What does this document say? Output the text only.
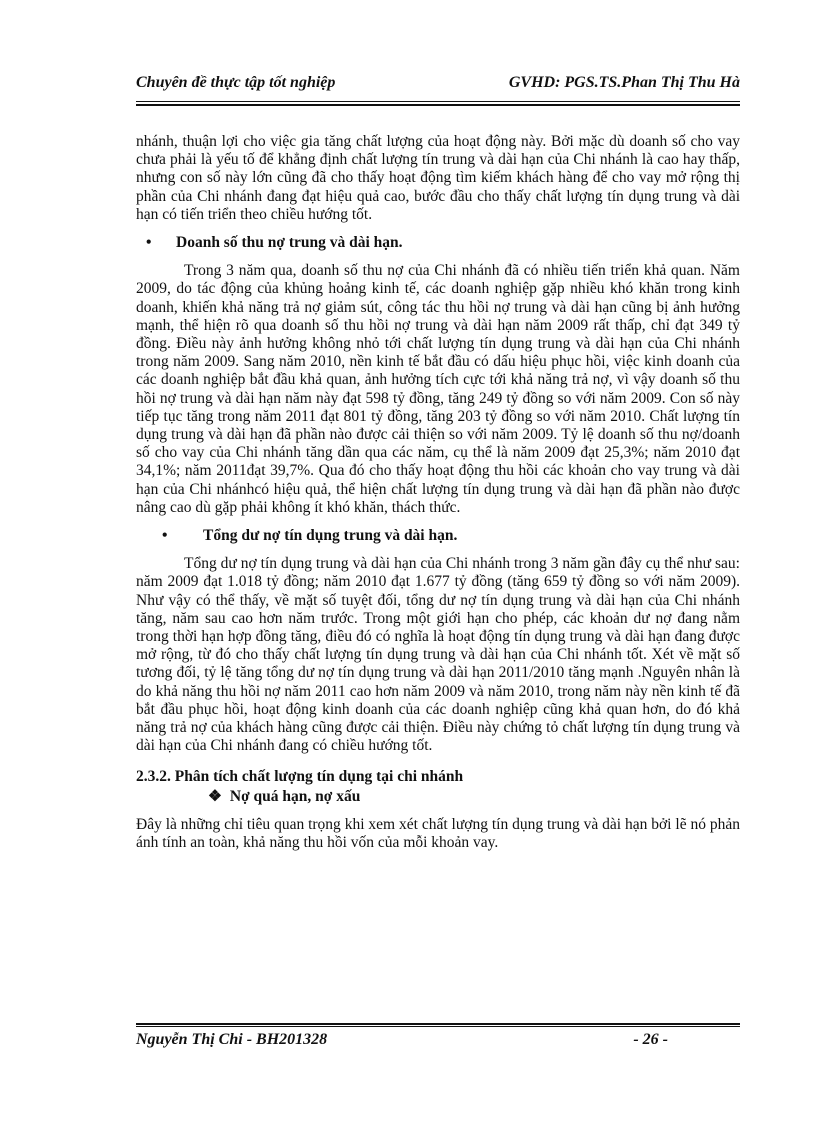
Chuyên đề thực tập tốt nghiệp	GVHD: PGS.TS.Phan Thị Thu Hà

nhánh, thuận lợi cho việc gia tăng chất lượng của hoạt động này. Bởi mặc dù doanh số cho vay chưa phải là yếu tố để khẳng định chất lượng tín trung và dài hạn của Chi nhánh là cao hay thấp, nhưng con số này lớn cũng đã cho thấy hoạt động tìm kiếm khách hàng để cho vay mở rộng thị phần của Chi nhánh đang đạt hiệu quả cao, bước đầu cho thấy chất lượng tín dụng trung và dài hạn có tiến triển theo chiều hướng tốt.

• Doanh số thu nợ trung và dài hạn.

Trong 3 năm qua, doanh số thu nợ của Chi nhánh đã có nhiều tiến triển khả quan. Năm 2009, do tác động của khủng hoảng kinh tế, các doanh nghiệp gặp nhiều khó khăn trong kinh doanh, khiến khả năng trả nợ giảm sút, công tác thu hồi nợ trung và dài hạn cũng bị ảnh hưởng mạnh, thể hiện rõ qua doanh số thu hồi nợ trung và dài hạn năm 2009 rất thấp, chỉ đạt 349 tỷ đồng. Điều này ảnh hưởng không nhỏ tới chất lượng tín dụng trung và dài hạn của Chi nhánh trong năm 2009. Sang năm 2010, nền kinh tế bắt đầu có dấu hiệu phục hồi, việc kinh doanh của các doanh nghiệp bắt đầu khả quan, ảnh hưởng tích cực tới khả năng trả nợ, vì vậy doanh số thu hồi nợ trung và dài hạn năm này đạt 598 tỷ đồng, tăng 249 tỷ đồng so với năm 2009. Con số này tiếp tục tăng trong năm 2011 đạt 801 tỷ đồng, tăng 203 tỷ đồng so với năm 2010. Chất lượng tín dụng trung và dài hạn đã phần nào được cải thiện so với năm 2009. Tỷ lệ doanh số thu nợ/doanh số cho vay của Chi nhánh tăng dần qua các năm, cụ thể là năm 2009 đạt 25,3%; năm 2010 đạt 34,1%; năm 2011đạt 39,7%. Qua đó cho thấy hoạt động thu hồi các khoản cho vay trung và dài hạn của Chi nhánhcó hiệu quả, thể hiện chất lượng tín dụng trung và dài hạn đã phần nào được nâng cao dù gặp phải không ít khó khăn, thách thức.

• Tổng dư nợ tín dụng trung và dài hạn.

Tổng dư nợ tín dụng trung và dài hạn của Chi nhánh trong 3 năm gần đây cụ thể như sau: năm 2009 đạt 1.018 tỷ đồng; năm 2010 đạt 1.677 tỷ đồng (tăng 659 tỷ đồng so với năm 2009). Như vậy có thể thấy, về mặt số tuyệt đối, tổng dư nợ tín dụng trung và dài hạn của Chi nhánh tăng, năm sau cao hơn năm trước. Trong một giới hạn cho phép, các khoản dư nợ đang nằm trong thời hạn hợp đồng tăng, điều đó có nghĩa là hoạt động tín dụng trung và dài hạn đang được mở rộng, từ đó cho thấy chất lượng tín dụng trung và dài hạn của Chi nhánh tốt. Xét về mặt số tương đối, tỷ lệ tăng tổng dư nợ tín dụng trung và dài hạn 2011/2010 tăng mạnh .Nguyên nhân là do khả năng thu hồi nợ năm 2011 cao hơn năm 2009 và năm 2010, trong năm này nền kinh tế đã bắt đầu phục hồi, hoạt động kinh doanh của các doanh nghiệp cũng khả quan hơn, do đó khả năng trả nợ của khách hàng cũng được cải thiện. Điều này chứng tỏ chất lượng tín dụng trung và dài hạn của Chi nhánh đang có chiều hướng tốt.

2.3.2. Phân tích chất lượng tín dụng tại chi nhánh
❖ Nợ quá hạn, nợ xấu

Đây là những chỉ tiêu quan trọng khi xem xét chất lượng tín dụng trung và dài hạn bởi lẽ nó phản ánh tính an toàn, khả năng thu hồi vốn của mỗi khoản vay.

Nguyễn Thị Chi - BH201328	- 26 -
